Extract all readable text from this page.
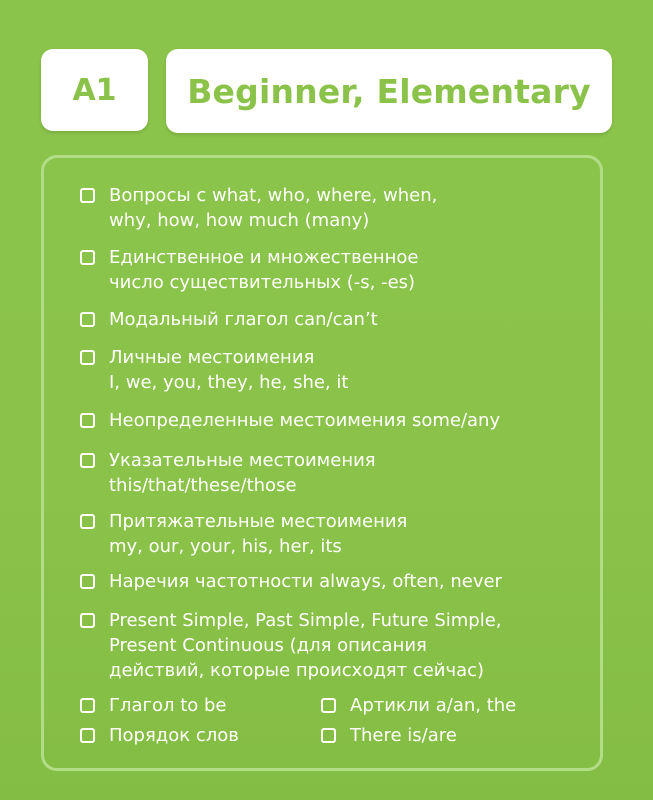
A1 Beginner, Elementary
Вопросы с what, who, where, when,
why, how, how much (many)
Единственное и множественное
число существительных (-s, -es)
Модальный глагол can/can’t
Личные местоимения
I, we, you, they, he, she, it
Неопределенные местоимения some/any
Указательные местоимения
this/that/these/those
Притяжательные местоимения
my, our, your, his, her, its
Наречия частотности always, often, never
Present Simple, Past Simple, Future Simple,
Present Continuous (для описания
действий, которые происходят сейчас)
Глагол to be	Артикли a/an, the
Порядок слов	There is/are
